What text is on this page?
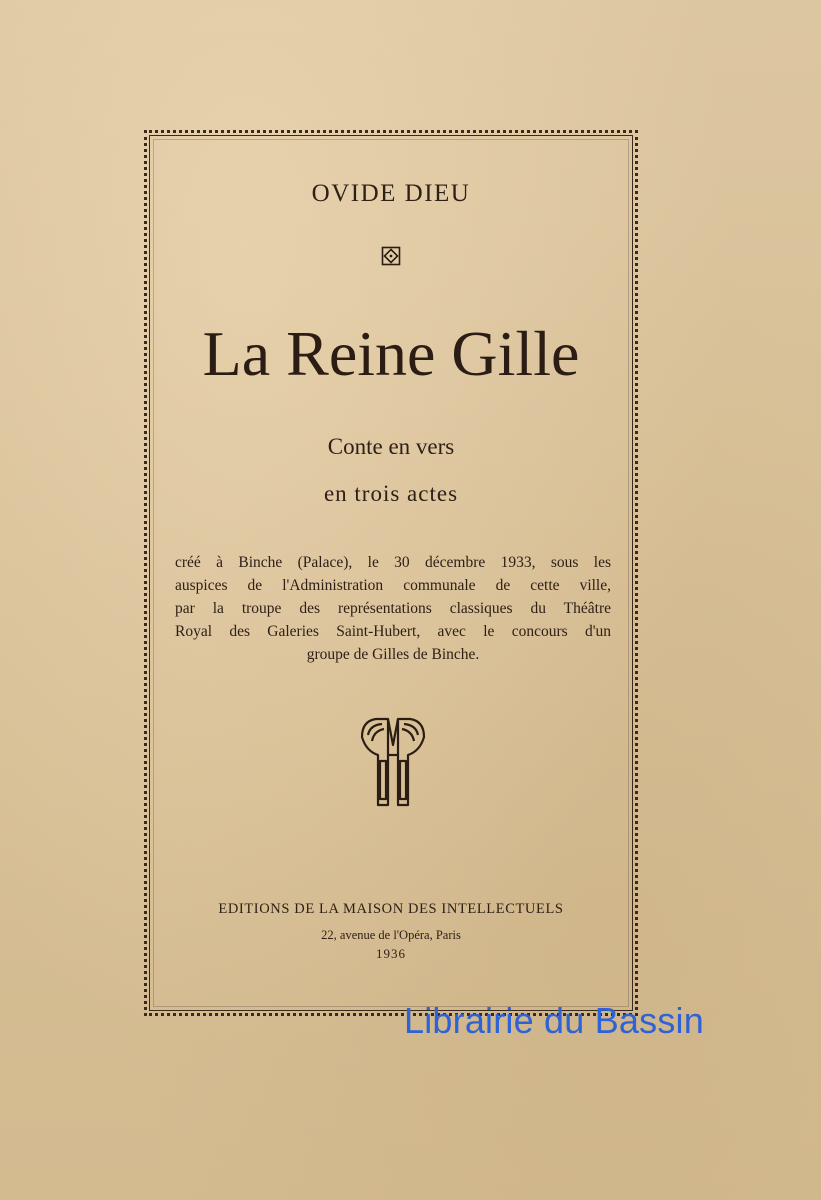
OVIDE DIEU
La Reine Gille
Conte en vers
en trois actes
créé à Binche (Palace), le 30 décembre 1933, sous les
auspices de l'Administration communale de cette ville,
par la troupe des représentations classiques du Théâtre
Royal des Galeries Saint-Hubert, avec le concours d'un
groupe de Gilles de Binche.
EDITIONS DE LA MAISON DES INTELLECTUELS
22, avenue de l'Opéra, Paris
1936
Librairie du Bassin
